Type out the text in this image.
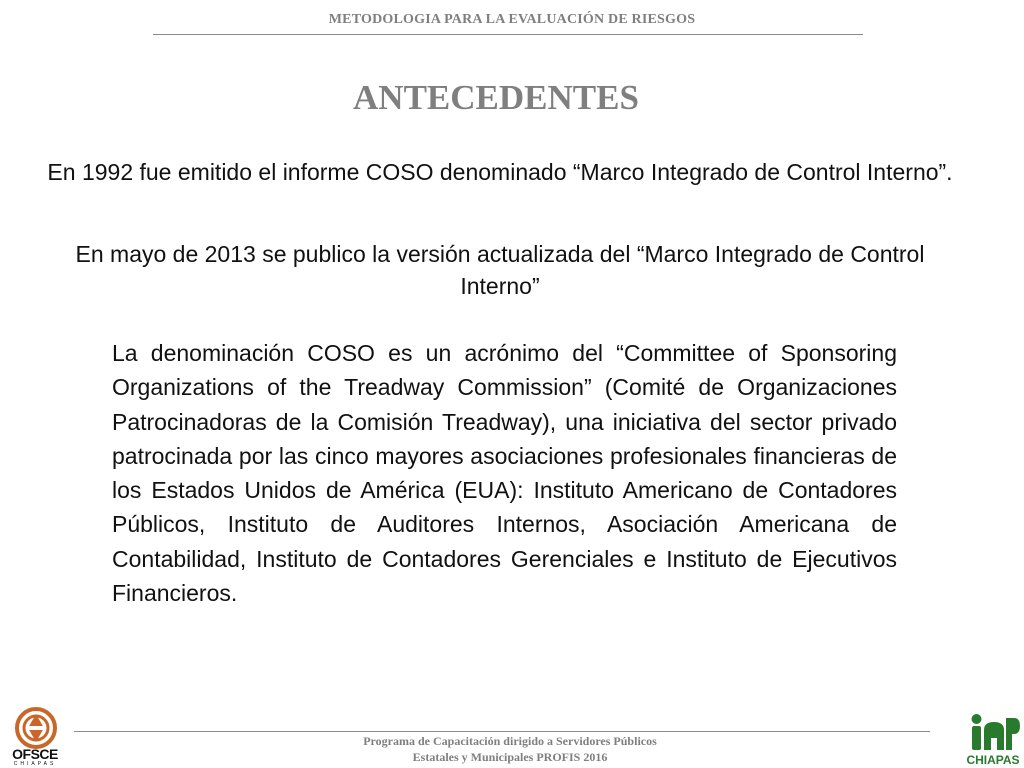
METODOLOGIA PARA LA EVALUACIÓN DE RIESGOS
ANTECEDENTES
En 1992 fue emitido el informe COSO denominado “Marco Integrado de Control Interno”.
En mayo de 2013 se publico la versión actualizada del “Marco Integrado de Control Interno”
La denominación COSO es un acrónimo del “Committee of Sponsoring Organizations of the Treadway Commission” (Comité de Organizaciones Patrocinadoras de la Comisión Treadway), una iniciativa del sector privado patrocinada por las cinco mayores asociaciones profesionales financieras de los Estados Unidos de América (EUA): Instituto Americano de Contadores Públicos, Instituto de Auditores Internos, Asociación Americana de Contabilidad, Instituto de Contadores Gerenciales e Instituto de Ejecutivos Financieros.
OFSCE
CHIAPAS
Programa de Capacitación dirigido a Servidores Públicos
Estatales y Municipales PROFIS 2016	CHIAPAS
